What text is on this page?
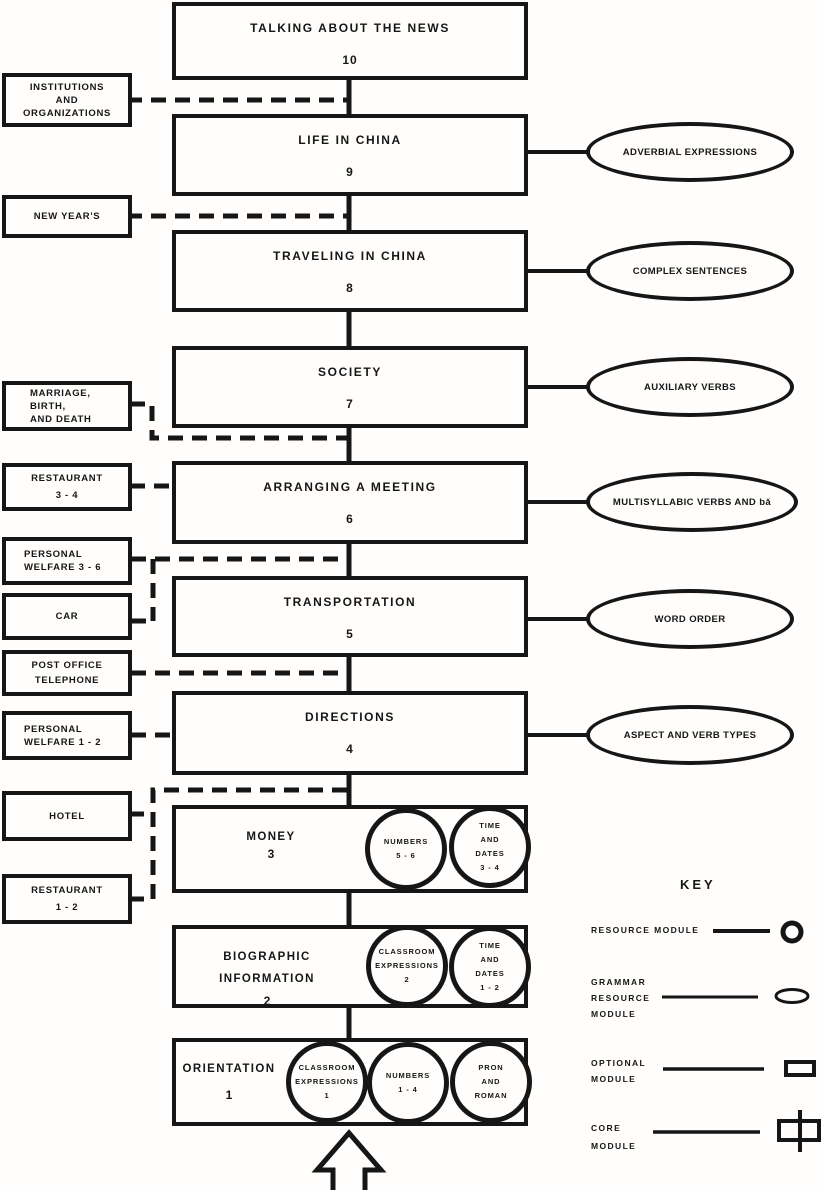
TALKING ABOUT THE NEWS
10
LIFE IN CHINA
9
TRAVELING IN CHINA
8
SOCIETY
7
ARRANGING A MEETING
6
TRANSPORTATION
5
DIRECTIONS
4
MONEY
3
BIOGRAPHIC
INFORMATION
2
ORIENTATION
1
NUMBERS
5 - 6
TIME
AND
DATES
3 - 4
CLASSROOM
EXPRESSIONS
2
TIME
AND
DATES
1 - 2
CLASSROOM
EXPRESSIONS
1
NUMBERS
1 - 4
PRON
AND
ROMAN
INSTITUTIONS
AND
ORGANIZATIONS
NEW YEAR'S
MARRIAGE,
BIRTH,
AND DEATH
RESTAURANT
3 - 4
PERSONAL
WELFARE 3 - 6
CAR
POST OFFICE
TELEPHONE
PERSONAL
WELFARE 1 - 2
HOTEL
RESTAURANT
1 - 2
ADVERBIAL EXPRESSIONS
COMPLEX SENTENCES
AUXILIARY VERBS
MULTISYLLABIC VERBS AND bǎ
WORD ORDER
ASPECT AND VERB TYPES
KEY
RESOURCE MODULE
GRAMMAR
RESOURCE
MODULE
OPTIONAL
MODULE
CORE
MODULE
